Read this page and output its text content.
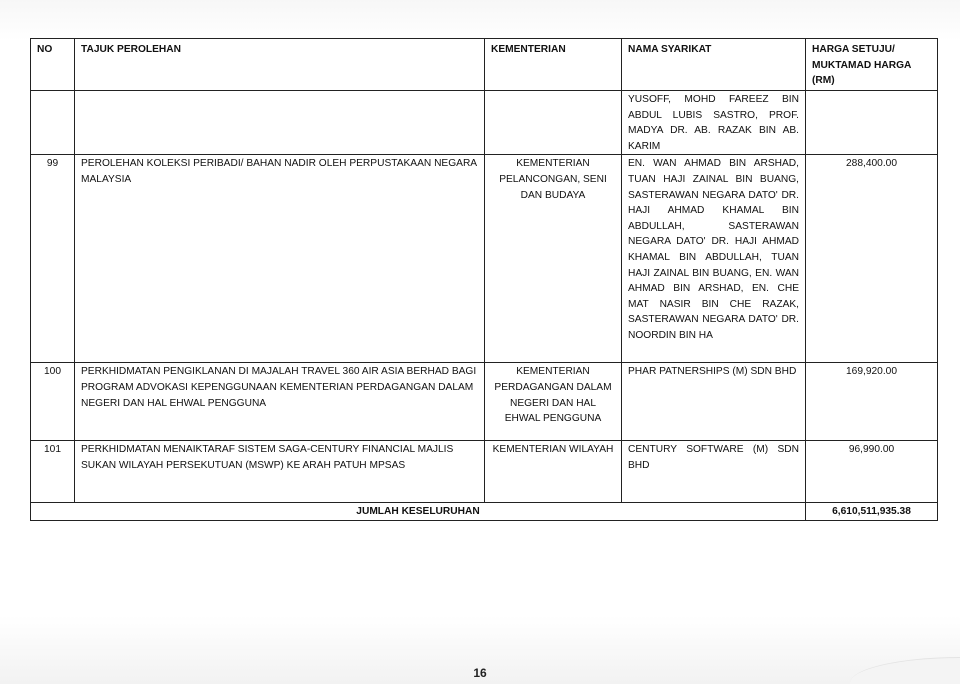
NO	TAJUK PEROLEHAN	KEMENTERIAN	NAMA SYARIKAT	HARGA SETUJU/
MUKTAMAD HARGA
(RM)

			YUSOFF, MOHD FAREEZ BIN ABDUL LUBIS SASTRO, PROF. MADYA DR. AB. RAZAK BIN AB. KARIM	
99	PEROLEHAN KOLEKSI PERIBADI/ BAHAN NADIR OLEH PERPUSTAKAAN NEGARA MALAYSIA	KEMENTERIAN PELANCONGAN, SENI DAN BUDAYA	EN. WAN AHMAD BIN ARSHAD, TUAN HAJI ZAINAL BIN BUANG, SASTERAWAN NEGARA DATO' DR. HAJI AHMAD KHAMAL BIN ABDULLAH, SASTERAWAN NEGARA DATO' DR. HAJI AHMAD KHAMAL BIN ABDULLAH, TUAN HAJI ZAINAL BIN BUANG, EN. WAN AHMAD BIN ARSHAD, EN. CHE MAT NASIR BIN CHE RAZAK, SASTERAWAN NEGARA DATO' DR. NOORDIN BIN HA	288,400.00
100	PERKHIDMATAN PENGIKLANAN DI MAJALAH TRAVEL 360 AIR ASIA BERHAD BAGI PROGRAM ADVOKASI KEPENGGUNAAN KEMENTERIAN PERDAGANGAN DALAM NEGERI DAN HAL EHWAL PENGGUNA	KEMENTERIAN PERDAGANGAN DALAM NEGERI DAN HAL EHWAL PENGGUNA	PHAR PATNERSHIPS (M) SDN BHD	169,920.00
101	PERKHIDMATAN MENAIKTARAF SISTEM SAGA-CENTURY FINANCIAL MAJLIS SUKAN WILAYAH PERSEKUTUAN (MSWP) KE ARAH PATUH MPSAS	KEMENTERIAN WILAYAH	CENTURY SOFTWARE (M) SDN BHD	96,990.00
JUMLAH KESELURUHAN				6,610,511,935.38
16
